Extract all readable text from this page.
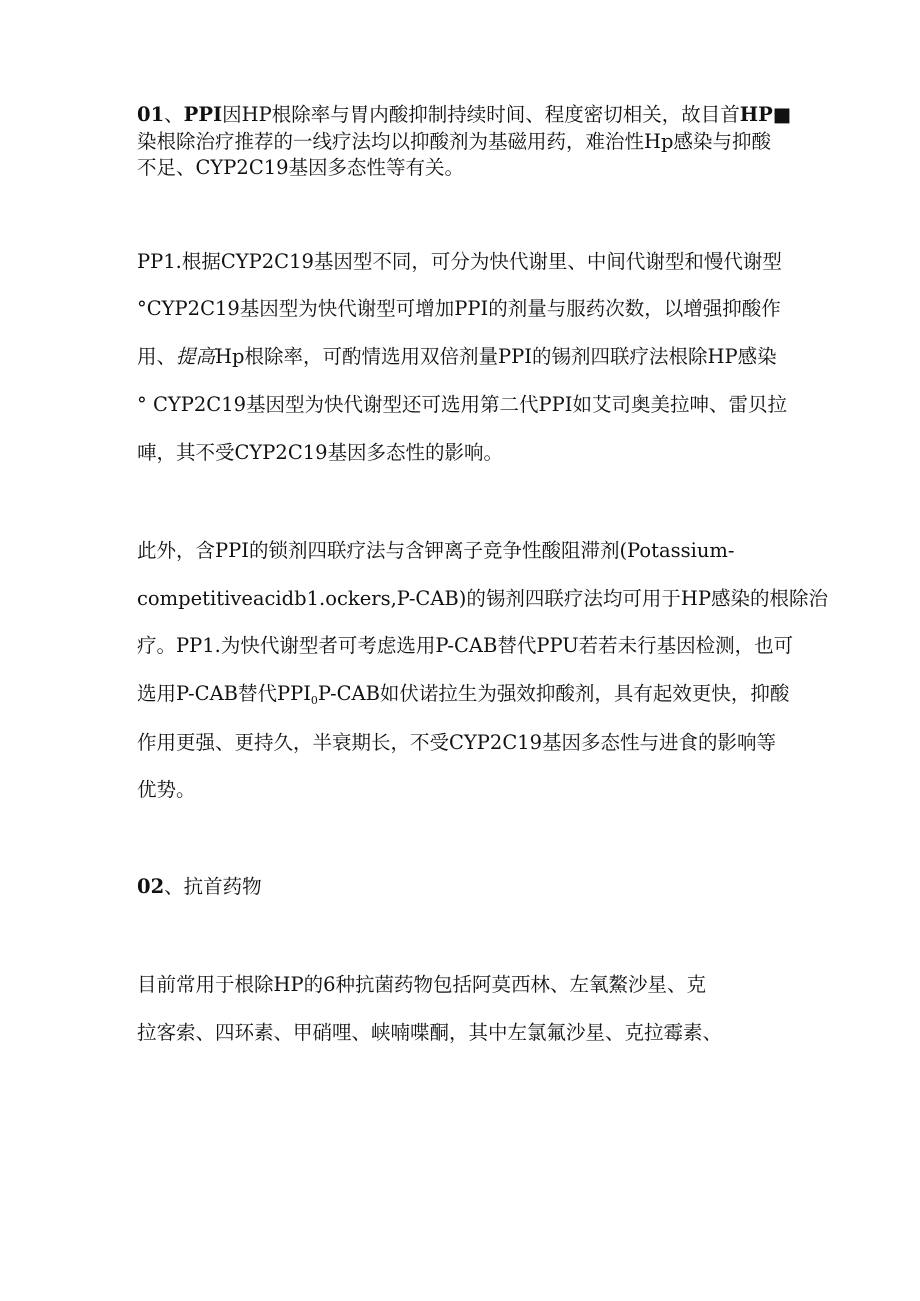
01、PPI因HP根除率与胃内酸抑制持续时间、程度密切相关，故目首HP■
染根除治疗推荐的一线疗法均以抑酸剂为基磁用药，难治性Hp感染与抑酸
不足、CYP2C19基因多态性等有关。
PP1.根据CYP2C19基因型不同，可分为快代谢里、中间代谢型和慢代谢型
°CYP2C19基因型为快代谢型可增加PPI的剂量与服药次数，以增强抑酸作
用、提高Hp根除率，可酌情选用双倍剂量PPI的锡剂四联疗法根除HP感染
° CYP2C19基因型为快代谢型还可选用第二代PPI如艾司奥美拉呻、雷贝拉
唓，其不受CYP2C19基因多态性的影响。
此外，含PPI的锁剂四联疗法与含钾离子竞争性酸阻滞剂(Potassium-
competitiveacidb1.ockers,P-CAB)的锡剂四联疗法均可用于HP感染的根除治
疗。PP1.为快代谢型者可考虑选用P-CAB替代PPU若若未行基因检测，也可
选用P-CAB替代$PPI_0P$-CAB如伏诺拉生为强效抑酸剂，具有起效更快，抑酸
作用更强、更持久，半衰期长，不受CYP2C19基因多态性与进食的影响等
优势。
02、抗首药物
目前常用于根除HP的6种抗菌药物包括阿莫西林、左氧鰲沙星、克
拉客索、四环素、甲硝哩、峡喃喋酮，其中左氯氟沙星、克拉霉素、
